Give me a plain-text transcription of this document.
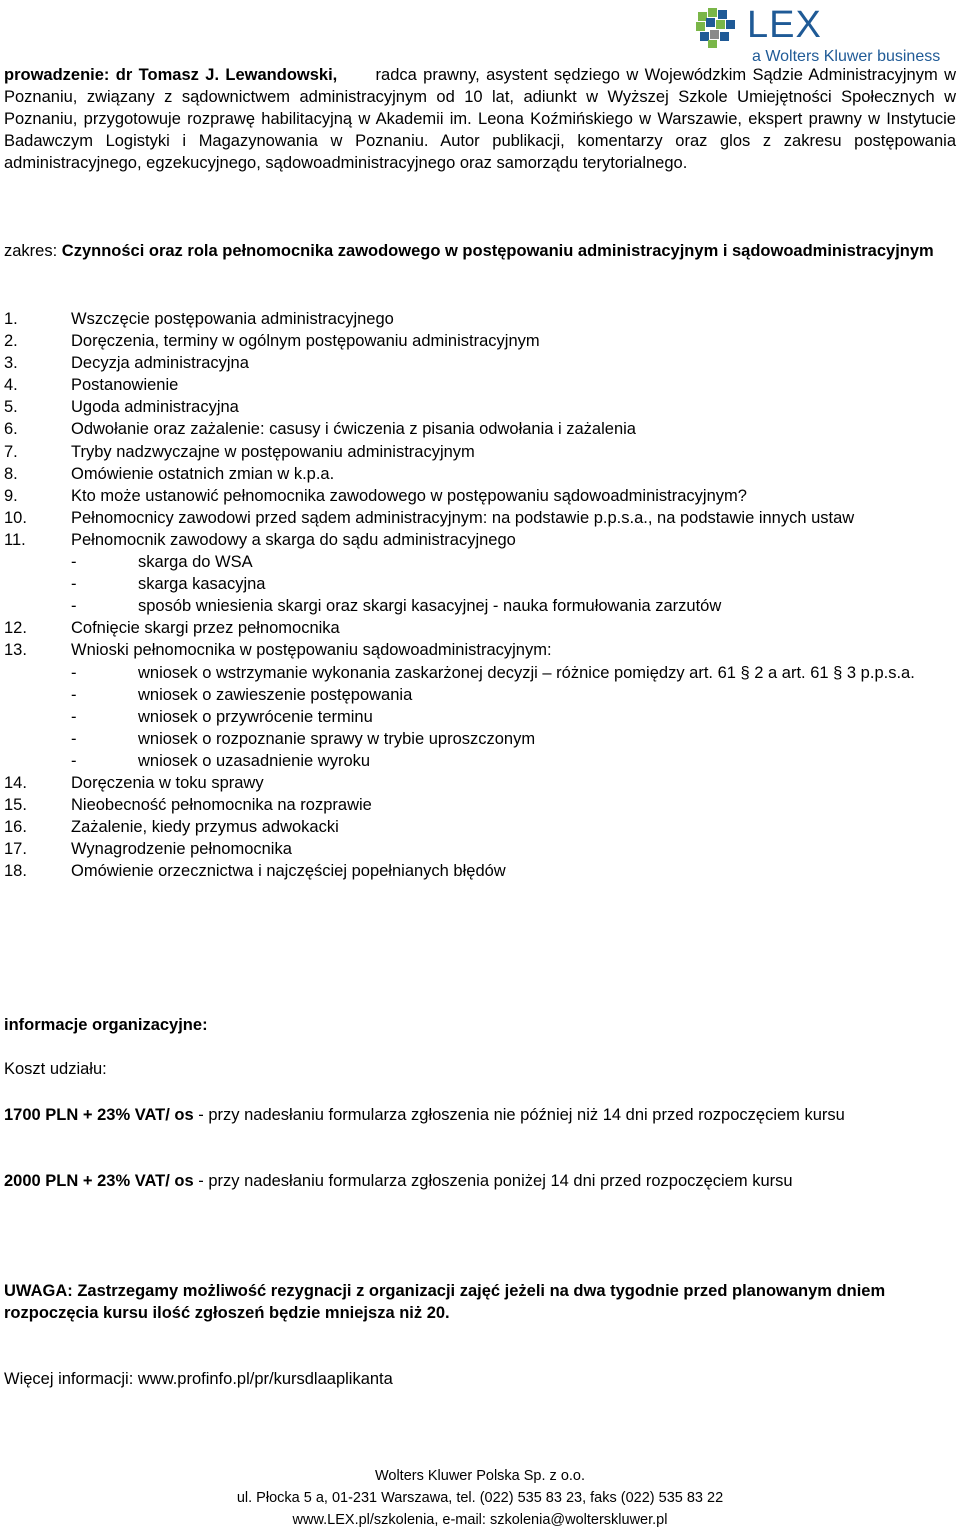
LEX
a Wolters Kluwer business

prowadzenie: dr Tomasz J. Lewandowski, radca prawny, asystent sędziego w Wojewódzkim Sądzie Administracyjnym w Poznaniu, związany z sądownictwem administracyjnym od 10 lat, adiunkt w Wyższej Szkole Umiejętności Społecznych w Poznaniu, przygotowuje rozprawę habilitacyjną w Akademii im. Leona Koźmińskiego w Warszawie, ekspert prawny w Instytucie Badawczym Logistyki i Magazynowania w Poznaniu. Autor publikacji, komentarzy oraz glos z zakresu postępowania administracyjnego, egzekucyjnego, sądowoadministracyjnego oraz samorządu terytorialnego.

zakres: Czynności oraz rola pełnomocnika zawodowego w postępowaniu administracyjnym i sądowoadministracyjnym

1.	Wszczęcie postępowania administracyjnego
2.	Doręczenia, terminy w ogólnym postępowaniu administracyjnym
3.	Decyzja administracyjna
4.	Postanowienie
5.	Ugoda administracyjna
6.	Odwołanie oraz zażalenie: casusy i ćwiczenia z pisania odwołania i zażalenia
7.	Tryby nadzwyczajne w postępowaniu administracyjnym
8.	Omówienie ostatnich zmian w k.p.a.
9.	Kto może ustanowić pełnomocnika zawodowego w postępowaniu sądowoadministracyjnym?
10.	Pełnomocnicy zawodowi przed sądem administracyjnym: na podstawie p.p.s.a., na podstawie innych ustaw
11.	Pełnomocnik zawodowy a skarga do sądu administracyjnego
-	skarga do WSA
-	skarga kasacyjna
-	sposób wniesienia skargi oraz skargi kasacyjnej - nauka formułowania zarzutów
12.	Cofnięcie skargi przez pełnomocnika
13.	Wnioski pełnomocnika w postępowaniu sądowoadministracyjnym:
-	wniosek o wstrzymanie wykonania zaskarżonej decyzji – różnice pomiędzy art. 61 § 2 a art. 61 § 3 p.p.s.a.
-	wniosek o zawieszenie postępowania
-	wniosek o przywrócenie terminu
-	wniosek o rozpoznanie sprawy w trybie uproszczonym
-	wniosek o uzasadnienie wyroku
14.	Doręczenia w toku sprawy
15.	Nieobecność pełnomocnika na rozprawie
16.	Zażalenie, kiedy przymus adwokacki
17.	Wynagrodzenie pełnomocnika
18.	Omówienie orzecznictwa i najczęściej popełnianych błędów
informacje organizacyjne:
Koszt udziału:
1700 PLN + 23% VAT/ os - przy nadesłaniu formularza zgłoszenia nie później niż 14 dni przed rozpoczęciem kursu
2000 PLN + 23% VAT/ os - przy nadesłaniu formularza zgłoszenia poniżej 14 dni przed rozpoczęciem kursu
UWAGA: Zastrzegamy możliwość rezygnacji z organizacji zajęć jeżeli na dwa tygodnie przed planowanym dniem rozpoczęcia kursu ilość zgłoszeń będzie mniejsza niż 20.
Więcej informacji: www.profinfo.pl/pr/kursdlaaplikanta
Wolters Kluwer Polska Sp. z o.o.
ul. Płocka 5 a, 01-231 Warszawa, tel. (022) 535 83 23, faks (022) 535 83 22
www.LEX.pl/szkolenia, e-mail: szkolenia@wolterskluwer.pl
